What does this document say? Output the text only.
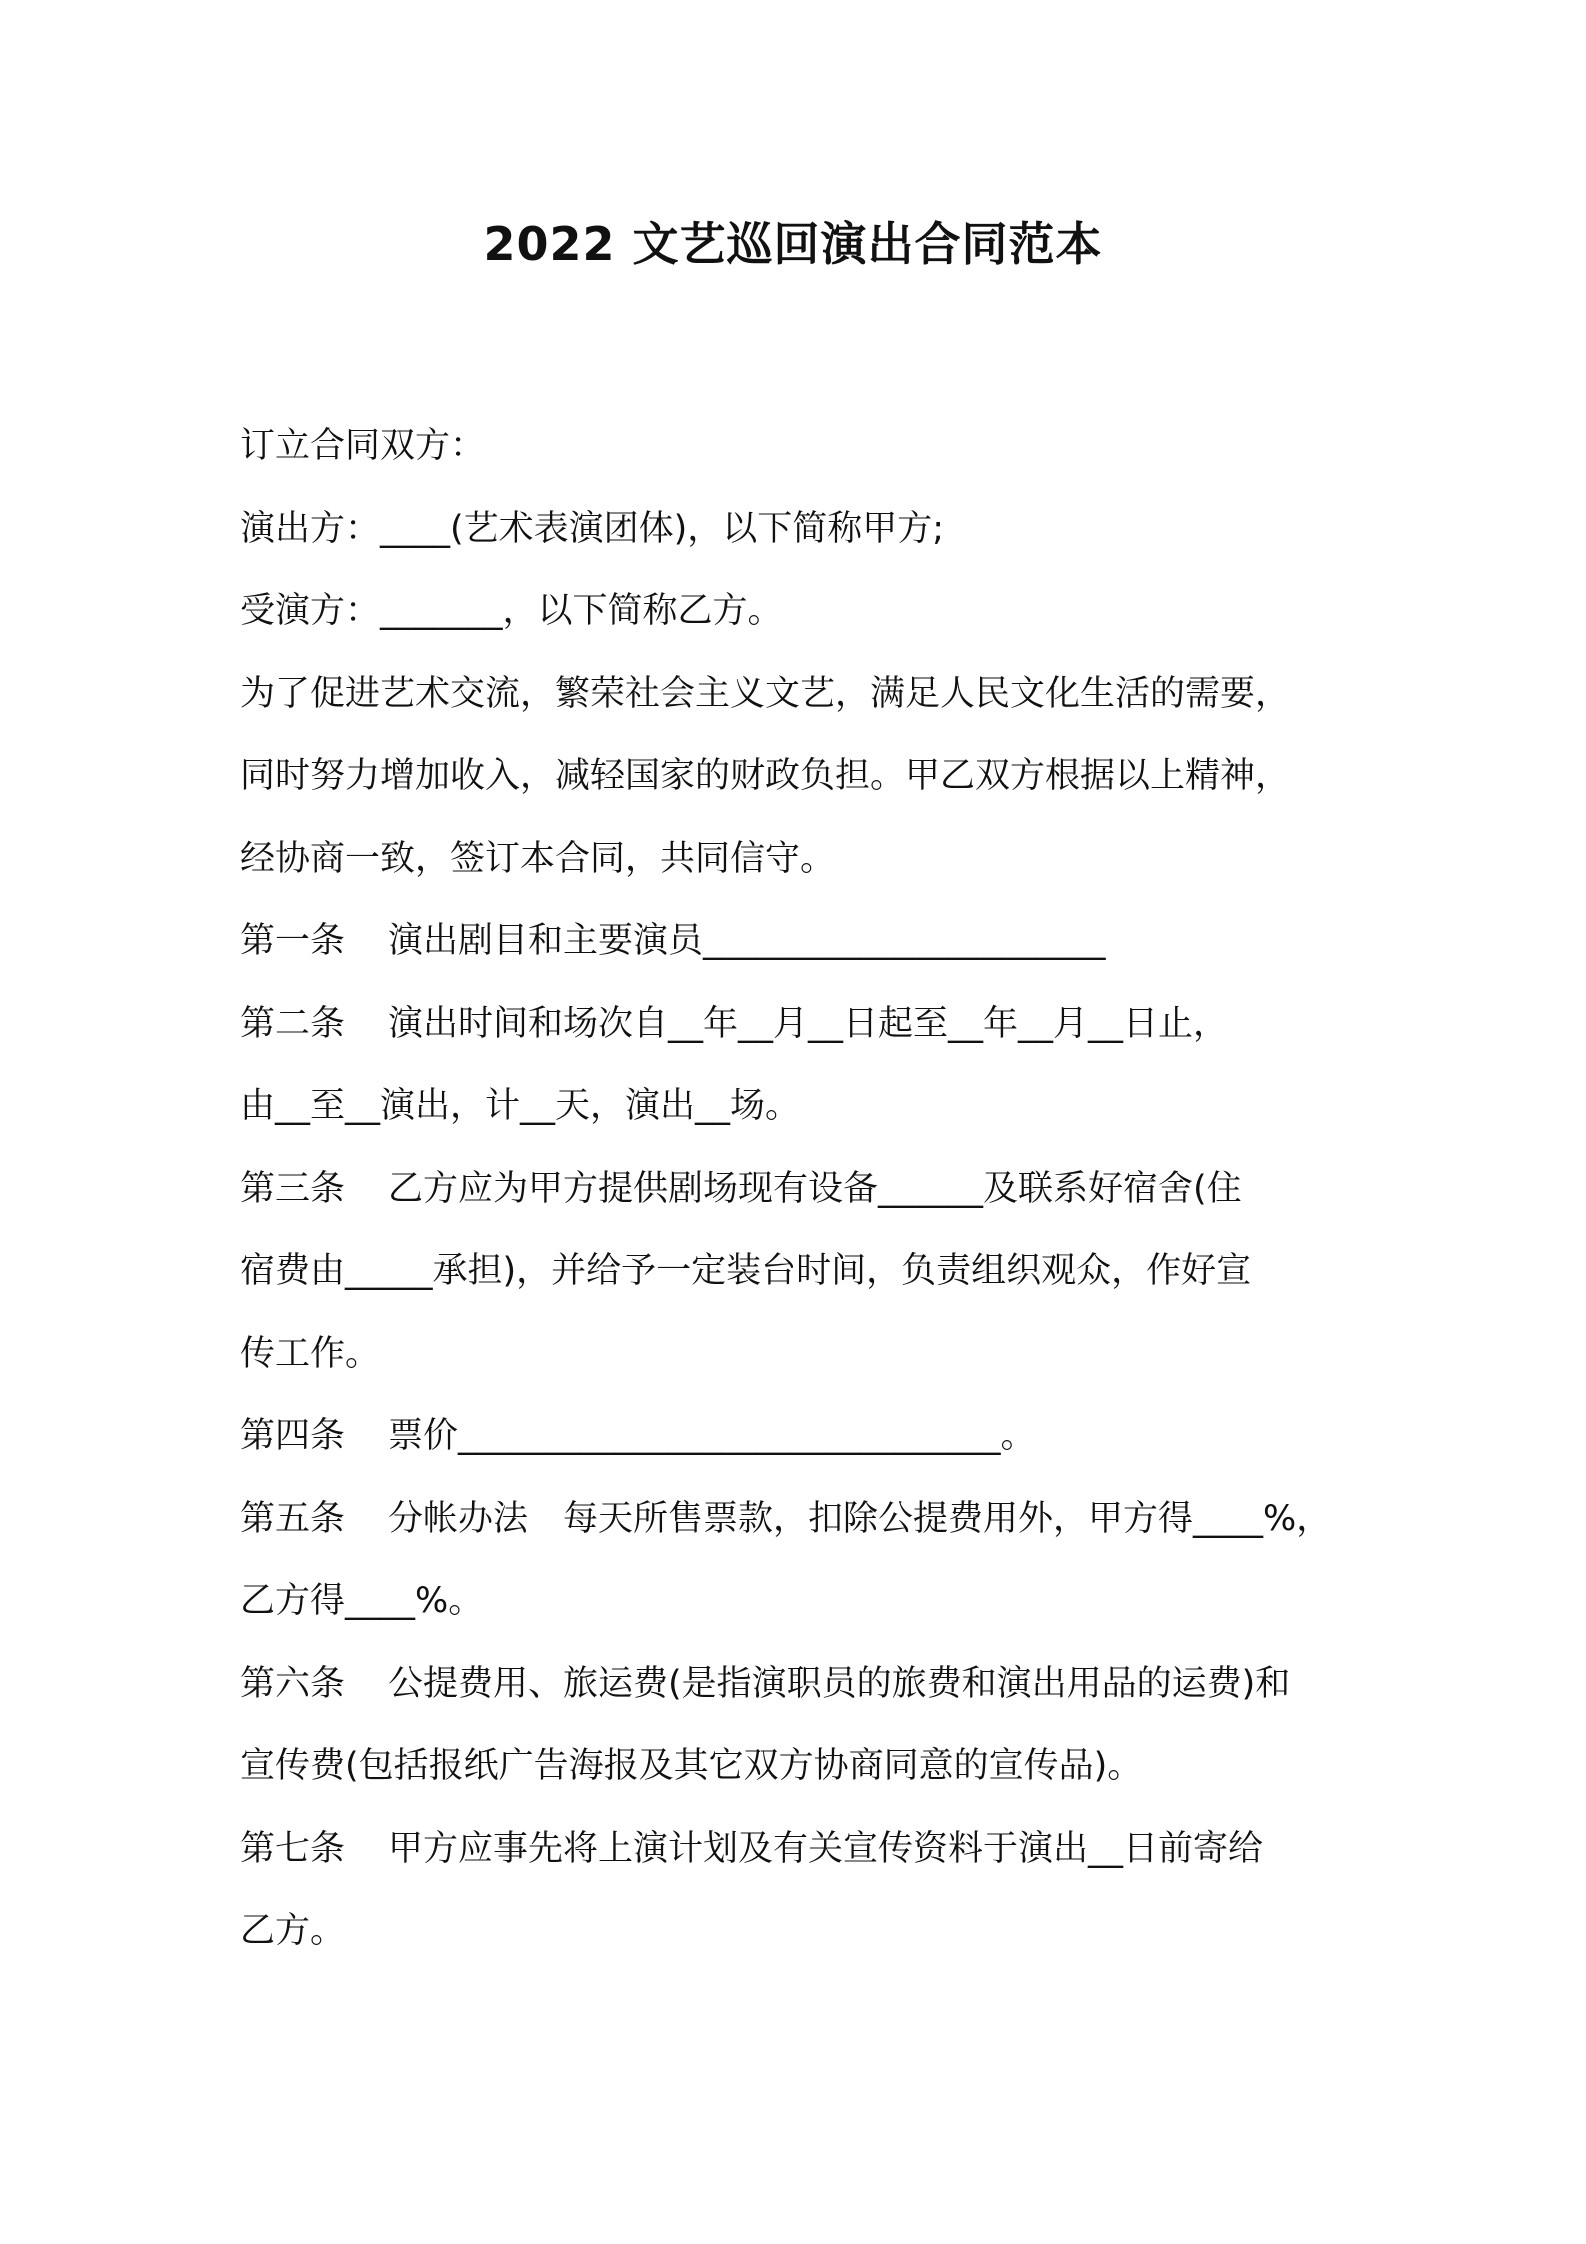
2022 文艺巡回演出合同范本

订立合同双方：

演出方：____(艺术表演团体)，以下简称甲方;

受演方：_______，以下简称乙方。

为了促进艺术交流，繁荣社会主义文艺，满足人民文化生活的需要，

同时努力增加收入，减轻国家的财政负担。甲乙双方根据以上精神，

经协商一致，签订本合同，共同信守。

第一条 演出剧目和主要演员_______________________

第二条 演出时间和场次自__年__月__日起至__年__月__日止，

由__至__演出，计__天，演出__场。

第三条 乙方应为甲方提供剧场现有设备______及联系好宿舍(住

宿费由_____承担)，并给予一定装台时间，负责组织观众，作好宣

传工作。

第四条 票价_______________________________。

第五条 分帐办法　每天所售票款，扣除公提费用外，甲方得____%，

乙方得____%。

第六条 公提费用、旅运费(是指演职员的旅费和演出用品的运费)和

宣传费(包括报纸广告海报及其它双方协商同意的宣传品)。

第七条 甲方应事先将上演计划及有关宣传资料于演出__日前寄给

乙方。
